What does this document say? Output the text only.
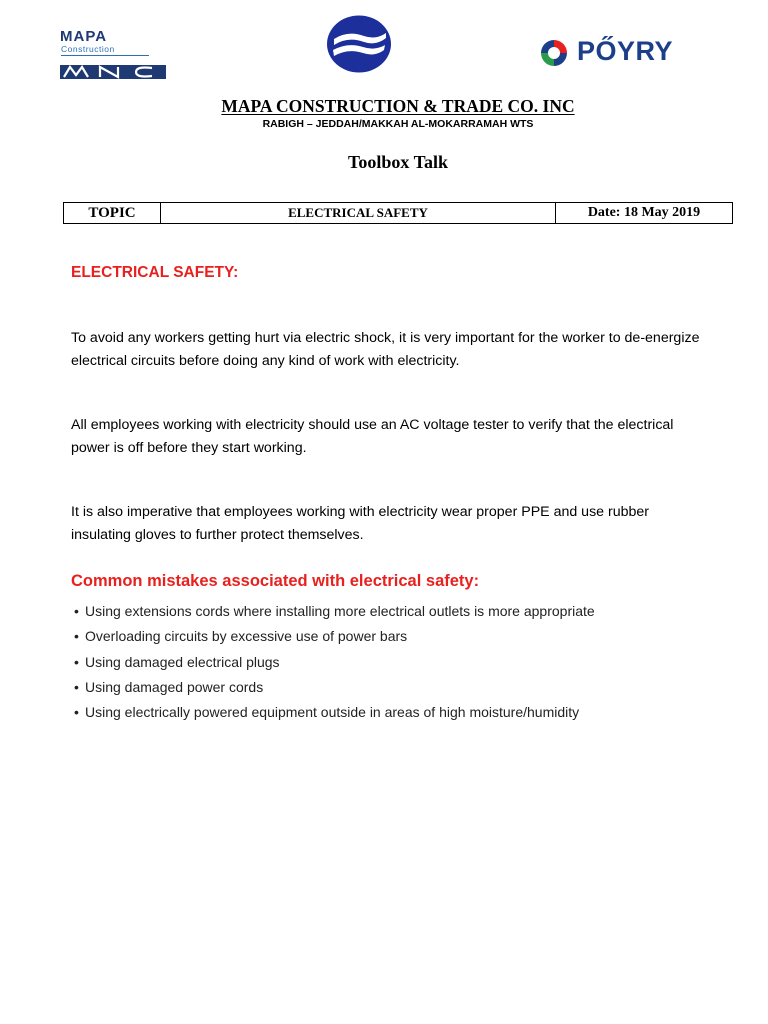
MAPA
Construction	PŐYRY
MAPA CONSTRUCTION & TRADE CO. INC
RABIGH – JEDDAH/MAKKAH AL-MOKARRAMAH WTS
Toolbox Talk
TOPIC	ELECTRICAL SAFETY	Date: 18 May 2019
ELECTRICAL SAFETY:

To avoid any workers getting hurt via electric shock, it is very important for the worker to de-energize electrical circuits before doing any kind of work with electricity.

All employees working with electricity should use an AC voltage tester to verify that the electrical power is off before they start working.

It is also imperative that employees working with electricity wear proper PPE and use rubber insulating gloves to further protect themselves.

Common mistakes associated with electrical safety:
• Using extensions cords where installing more electrical outlets is more appropriate
• Overloading circuits by excessive use of power bars
• Using damaged electrical plugs
• Using damaged power cords
• Using electrically powered equipment outside in areas of high moisture/humidity
